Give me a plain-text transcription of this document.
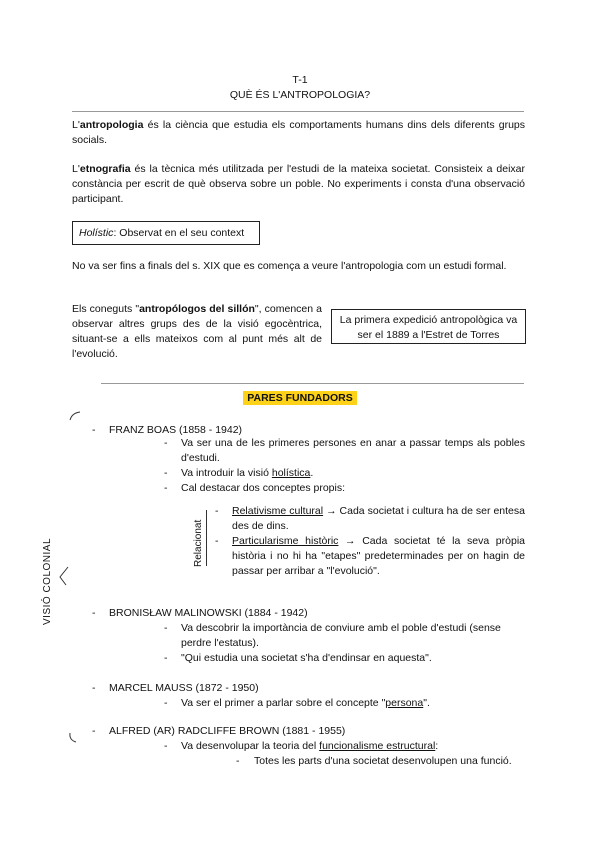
T-1
QUÈ ÉS L'ANTROPOLOGIA?

L'antropologia és la ciència que estudia els comportaments humans dins dels diferents grups socials.

L'etnografia és la tècnica més utilitzada per l'estudi de la mateixa societat. Consisteix a deixar constància per escrit de què observa sobre un poble. No experiments i consta d'una observació participant.

Holístic: Observat en el seu context

No va ser fins a finals del s. XIX que es comença a veure l'antropologia com un estudi formal.

Els coneguts "antropólogos del sillón", comencen a observar altres grups des de la visió egocèntrica, situant-se a ells mateixos com al punt més alt de l'evolució.

La primera expedició antropològica va ser el 1889 a l'Estret de Torres
PARES FUNDADORS
VISIÓ COLONIAL
- FRANZ BOAS (1858 - 1942)
- Va ser una de les primeres persones en anar a passar temps als pobles d'estudi.

- Va introduir la visió holística.

- Cal destacar dos conceptes propis:

Relacionat
- Relativisme cultural → Cada societat i cultura ha de ser entesa des de dins.

- Particularisme històric → Cada societat té la seva pròpia història i no hi ha "etapes" predeterminades per on hagin de passar per arribar a "l'evolució".

- BRONISŁAW MALINOWSKI (1884 - 1942)
- Va descobrir la importància de conviure amb el poble d'estudi (sense perdre l'estatus).

- "Qui estudia una societat s'ha d'endinsar en aquesta".

- MARCEL MAUSS (1872 - 1950)
- Va ser el primer a parlar sobre el concepte "persona".

- ALFRED (AR) RADCLIFFE BROWN (1881 - 1955)
- Va desenvolupar la teoria del funcionalisme estructural:

- Totes les parts d'una societat desenvolupen una funció.
